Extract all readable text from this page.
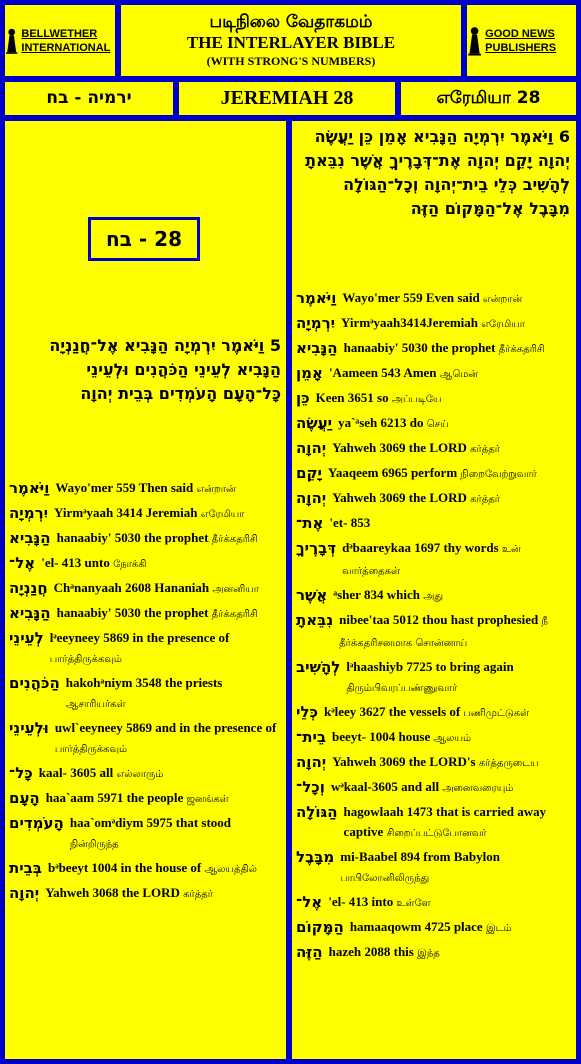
BELLWETHER INTERNATIONAL
படிநிலை வேதாகமம்
THE INTERLAYER BIBLE
(WITH STRONG'S NUMBERS)
GOOD NEWS PUBLISHERS
ירמיה - בח	JEREMIAH 28	எரேமியா 28
28 - בח
5 וַיֹּאמֶר יִרְמְיָה הַנָּבִיא אֶל־חֲנַנְיָה הַנָּבִיא לְעֵינֵי הַכֹּהֲנִים וּלְעֵינֵי כָּל־הָעָם הָעֹמְדִים בְּבֵית יְהוָה
וַיֹּאמֶר Wayo'mer 559 Then said என்றான்
יִרְמְיָה Yirmᵊyaah 3414 Jeremiah எரேமியா
הַנָּבִיא hanaabiy' 5030 the prophet தீர்க்கதரிசி
אֶל־ 'el- 413 unto நோக்கி
חֲנַנְיָה Chᵃnanyaah 2608 Hananiah அனனியா
הַנָּבִיא hanaabiy' 5030 the prophet தீர்க்கதரிசி
לְעֵינֵי lᵊeeyneey 5869 in the presence of பார்த்திருக்கவும்
הַכֹּהֲנִים hakohᵃniym 3548 the priests ஆசாரியர்கள்
וּלְעֵינֵי uwl`eeyneey 5869 and in the presence of பார்த்திருக்கவும்
כָּל־ kaal- 3605 all எல்லாரும்
הָעָם haa`aam 5971 the people ஜனங்கள்
הָעֹמְדִים haa`omᵊdiym 5975 that stood நின்றிருந்த
בְּבֵית bᵊbeeyt 1004 in the house of ஆலயத்தில்
יְהוָה Yahweh 3068 the LORD கர்த்தர்
6 וַיֹּאמֶר יִרְמְיָה הַנָּבִיא אָמֵן כֵּן יַעֲשֶׂה יְהוָה יָקֵם יְהוָה אֶת־דְּבָרֶיךָ אֲשֶׁר נִבֵּאתָ לְהָשִׁיב כְּלֵי בֵית־יְהוָה וְכָל־הַגּוֹלָה מִבָּבֶל אֶל־הַמָּקוֹם הַזֶּה
וַיֹּאמֶר Wayo'mer 559 Even said என்றான்
יִרְמְיָה Yirmᵊyaah3414Jeremiah எரேமியா
הַנָּבִיא hanaabiy' 5030 the prophet தீர்க்கதரிசி
אָמֵן 'Aameen 543 Amen ஆமென்
כֵּן Keen 3651 so அப்படியே
יַעֲשֶׂה ya`ᵃseh 6213 do செய்
יְהוָה Yahweh 3069 the LORD கர்த்தர்
יָקֵם Yaaqeem 6965 perform நிறைவேற்றுவார்
יְהוָה Yahweh 3069 the LORD கர்த்தர்
אֶת־ 'et- 853
דְּבָרֶיךָ dᵊbaareykaa 1697 thy words உன் வார்த்தைகள்
אֲשֶׁר ᵃsher 834 which அது
נִבֵּאתָ nibee'taa 5012 thou hast prophesied நீ தீர்க்கதரிசனமாக சொன்னாய்
לְהָשִׁיב lᵊhaashiyb 7725 to bring again திரும்பிவரப்பண்ணுவார்
כְּלֵי kᵊleey 3627 the vessels of பணிமுட்டுகள்
בֵית־ beeyt- 1004 house ஆலயம்
יְהוָה Yahweh 3069 the LORD's கர்த்தருடைய
וְכָל־ wᵊkaal-3605 and all அனைவரையும்
הַגּוֹלָה hagowlaah 1473 that is carried away captive சிறைப்பட்டுபோனவர்
מִבָּבֶל mi-Baabel 894 from Babylon பாபிலோனிலிருந்து
אֶל־ 'el- 413 into உள்ளே
הַמָּקוֹם hamaaqowm 4725 place இடம்
הַזֶּה hazeh 2088 this இந்த
